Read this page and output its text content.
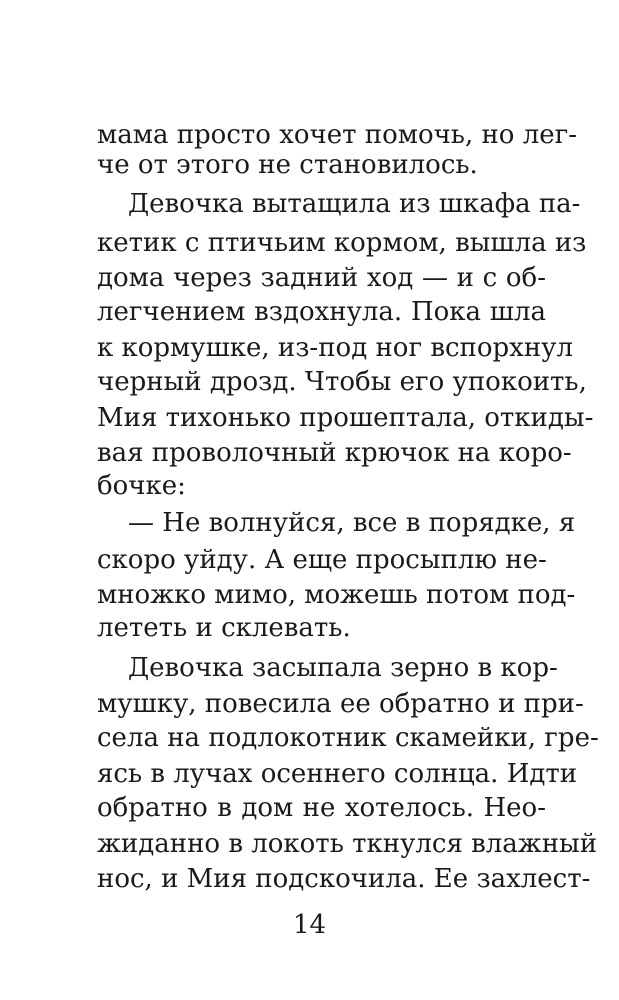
мама просто хочет помочь, но лег-
че от этого не становилось.
Девочка вытащила из шкафа па-
кетик с птичьим кормом, вышла из
дома через задний ход — и с об-
легчением вздохнула. Пока шла
к кормушке, из-под ног вспорхнул
черный дрозд. Чтобы его упокоить,
Мия тихонько прошептала, откиды-
вая проволочный крючок на коро-
бочке:
— Не волнуйся, все в порядке, я
скоро уйду. А еще просыплю не-
множко мимо, можешь потом под-
лететь и склевать.
Девочка засыпала зерно в кор-
мушку, повесила ее обратно и при-
села на подлокотник скамейки, гре-
ясь в лучах осеннего солнца. Идти
обратно в дом не хотелось. Нео-
жиданно в локоть ткнулся влажный
нос, и Мия подскочила. Ее захлест-
14
